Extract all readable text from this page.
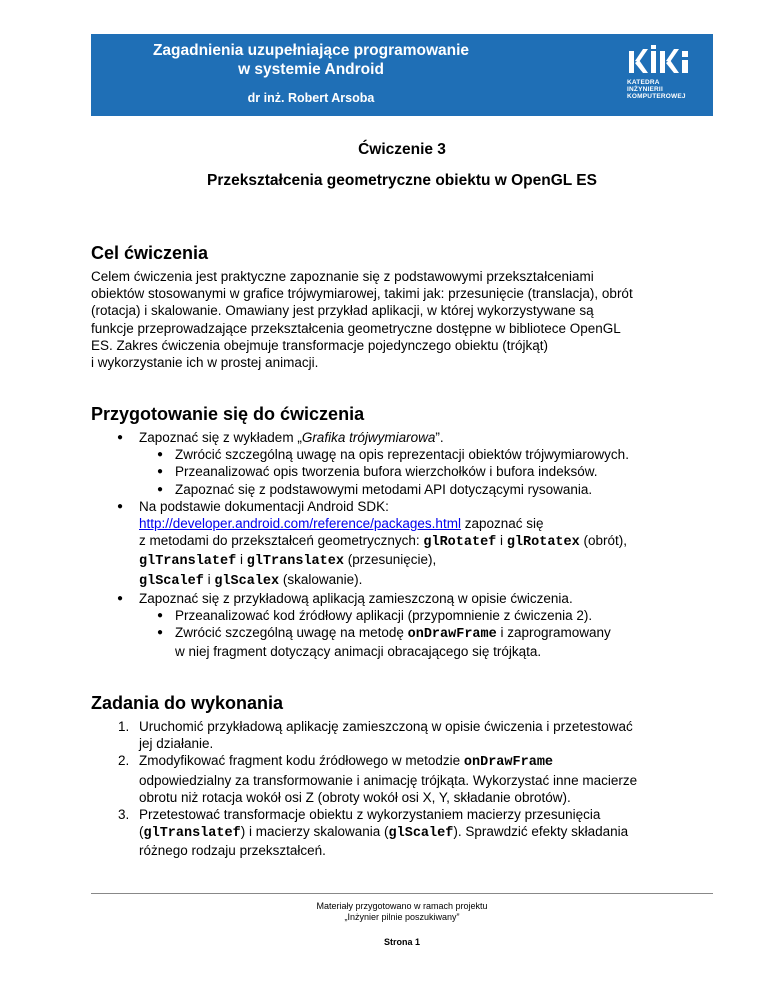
Zagadnienia uzupełniające programowanie
w systemie Android
dr inż. Robert Arsoba
KATEDRA
INŻYNIERII
KOMPUTEROWEJ
Ćwiczenie 3
Przekształcenia geometryczne obiektu w OpenGL ES
Cel ćwiczenia
Celem ćwiczenia jest praktyczne zapoznanie się z podstawowymi przekształceniami
obiektów stosowanymi w grafice trójwymiarowej, takimi jak: przesunięcie (translacja), obrót
(rotacja) i skalowanie. Omawiany jest przykład aplikacji, w której wykorzystywane są
funkcje przeprowadzające przekształcenia geometryczne dostępne w bibliotece OpenGL
ES. Zakres ćwiczenia obejmuje transformacje pojedynczego obiektu (trójkąt)
i wykorzystanie ich w prostej animacji.
Przygotowanie się do ćwiczenia
● Zapoznać się z wykładem „Grafika trójwymiarowa”.
● Zwrócić szczególną uwagę na opis reprezentacji obiektów trójwymiarowych.
● Przeanalizować opis tworzenia bufora wierzchołków i bufora indeksów.
● Zapoznać się z podstawowymi metodami API dotyczącymi rysowania.
● Na podstawie dokumentacji Android SDK:
http://developer.android.com/reference/packages.html zapoznać się
z metodami do przekształceń geometrycznych: glRotatef i glRotatex (obrót),
glTranslatef i glTranslatex (przesunięcie),
glScalef i glScalex (skalowanie).
● Zapoznać się z przykładową aplikacją zamieszczoną w opisie ćwiczenia.
● Przeanalizować kod źródłowy aplikacji (przypomnienie z ćwiczenia 2).
● Zwrócić szczególną uwagę na metodę onDrawFrame i zaprogramowany
w niej fragment dotyczący animacji obracającego się trójkąta.
Zadania do wykonania
1. Uruchomić przykładową aplikację zamieszczoną w opisie ćwiczenia i przetestować
jej działanie.
2. Zmodyfikować fragment kodu źródłowego w metodzie onDrawFrame
odpowiedzialny za transformowanie i animację trójkąta. Wykorzystać inne macierze
obrotu niż rotacja wokół osi Z (obroty wokół osi X, Y, składanie obrotów).
3. Przetestować transformacje obiektu z wykorzystaniem macierzy przesunięcia
(glTranslatef) i macierzy skalowania (glScalef). Sprawdzić efekty składania
różnego rodzaju przekształceń.
Materiały przygotowano w ramach projektu
„Inżynier pilnie poszukiwany”
Strona 1
